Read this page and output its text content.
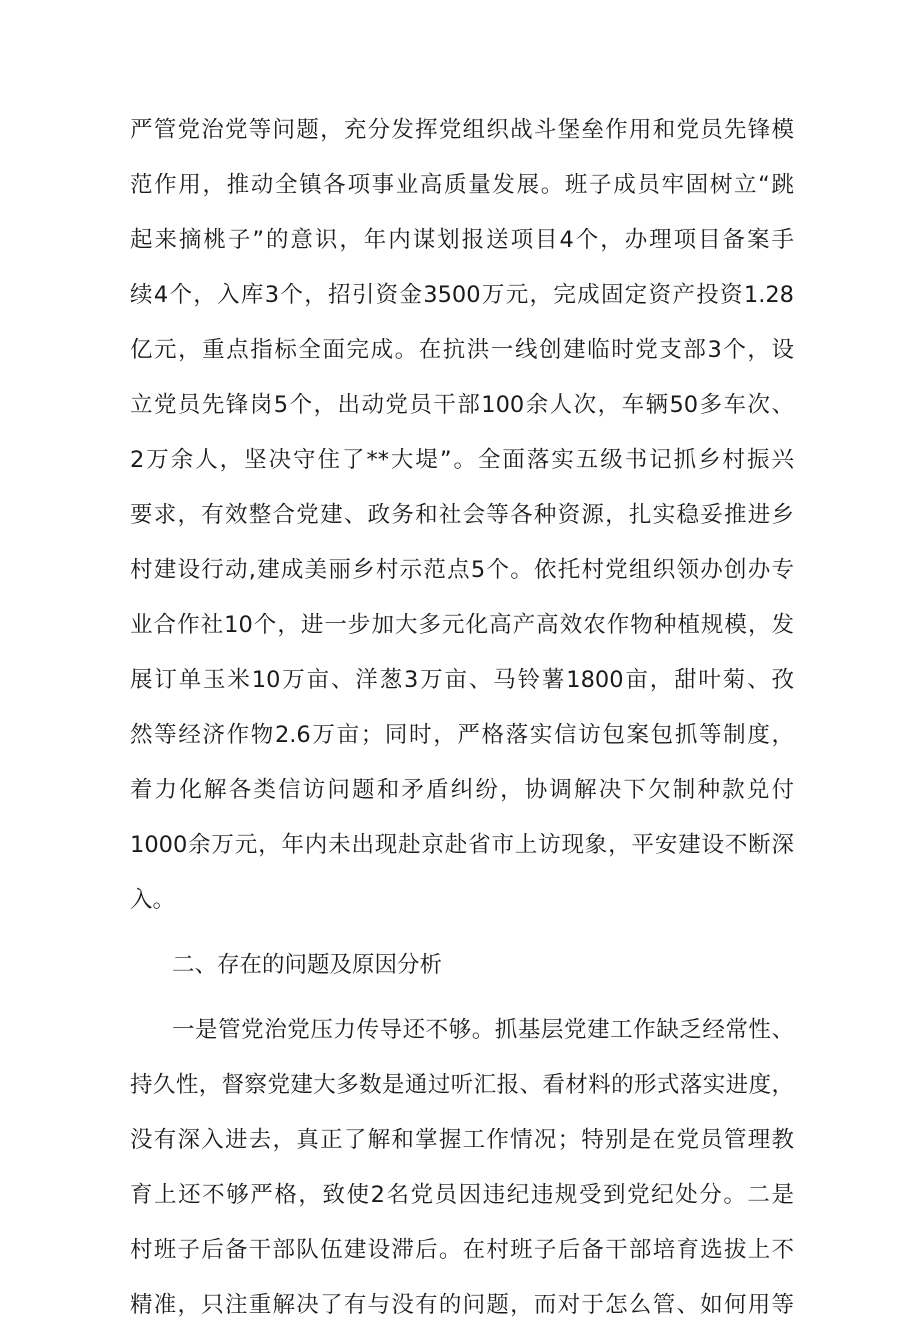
严管党治党等问题，充分发挥党组织战斗堡垒作用和党员先锋模
范作用，推动全镇各项事业高质量发展。班子成员牢固树立“跳
起来摘桃子”的意识，年内谋划报送项目4个，办理项目备案手
续4个，入库3个，招引资金3500万元，完成固定资产投资1.28
亿元，重点指标全面完成。在抗洪一线创建临时党支部3个，设
立党员先锋岗5个，出动党员干部100余人次，车辆50多车次、
2万余人，坚决守住了**大堤”。全面落实五级书记抓乡村振兴
要求，有效整合党建、政务和社会等各种资源，扎实稳妥推进乡
村建设行动,建成美丽乡村示范点5个。依托村党组织领办创办专
业合作社10个，进一步加大多元化高产高效农作物种植规模，发
展订单玉米10万亩、洋葱3万亩、马铃薯1800亩，甜叶菊、孜
然等经济作物2.6万亩；同时，严格落实信访包案包抓等制度，
着力化解各类信访问题和矛盾纠纷，协调解决下欠制种款兑付
1000余万元，年内未出现赴京赴省市上访现象，平安建设不断深
入。
二、存在的问题及原因分析
一是管党治党压力传导还不够。抓基层党建工作缺乏经常性、
持久性，督察党建大多数是通过听汇报、看材料的形式落实进度，
没有深入进去，真正了解和掌握工作情况；特别是在党员管理教
育上还不够严格，致使2名党员因违纪违规受到党纪处分。二是
村班子后备干部队伍建设滞后。在村班子后备干部培育选拔上不
精准，只注重解决了有与没有的问题，而对于怎么管、如何用等
